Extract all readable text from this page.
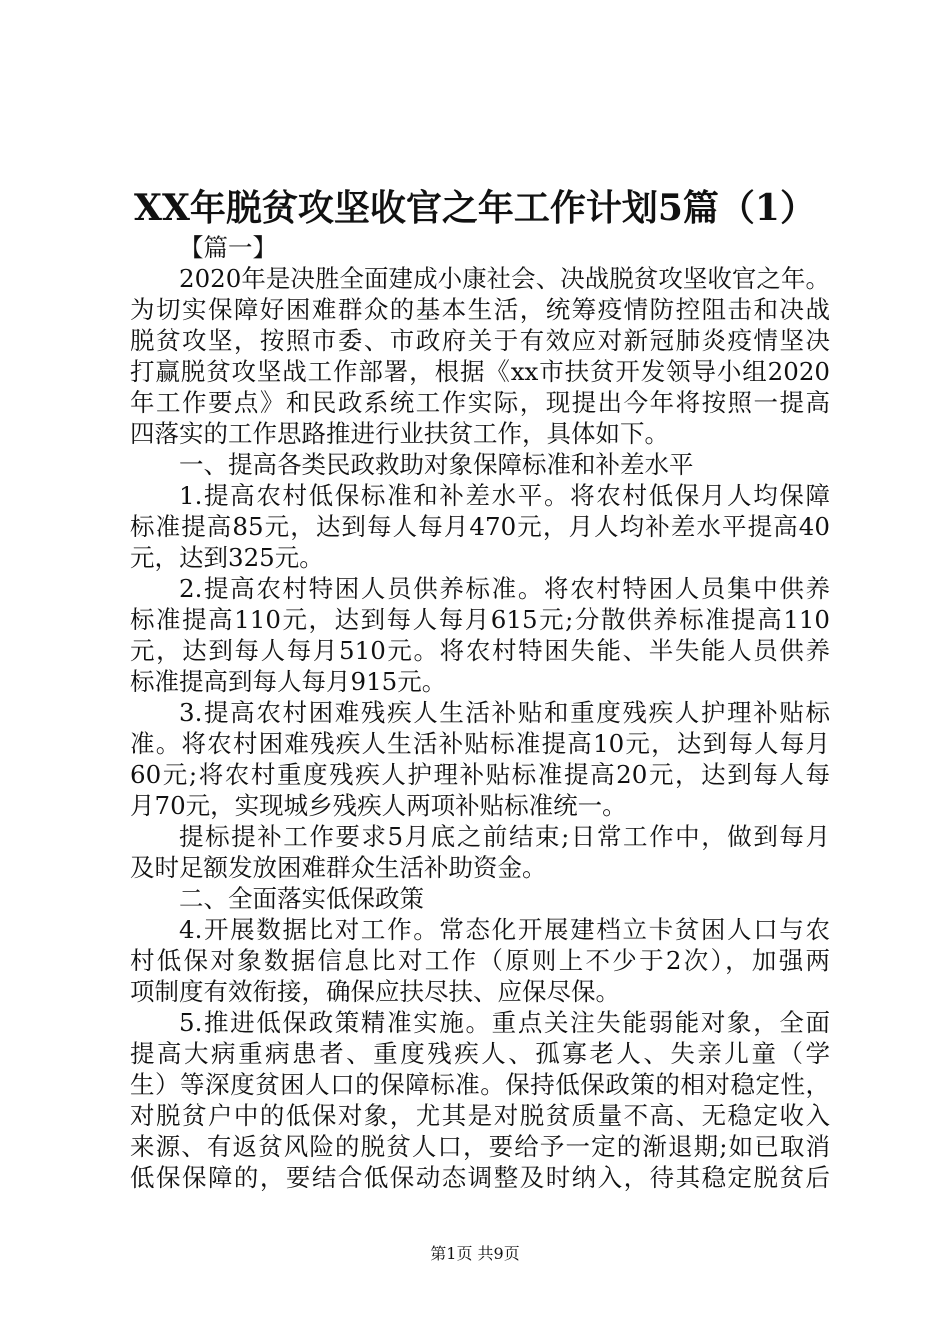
XX年脱贫攻坚收官之年工作计划5篇（1）
【篇一】
2020年是决胜全面建成小康社会、决战脱贫攻坚收官之年。
为切实保障好困难群众的基本生活，统筹疫情防控阻击和决战
脱贫攻坚，按照市委、市政府关于有效应对新冠肺炎疫情坚决
打赢脱贫攻坚战工作部署，根据《xx市扶贫开发领导小组2020
年工作要点》和民政系统工作实际，现提出今年将按照一提高
四落实的工作思路推进行业扶贫工作，具体如下。
一、提高各类民政救助对象保障标准和补差水平
1.提高农村低保标准和补差水平。将农村低保月人均保障
标准提高85元，达到每人每月470元，月人均补差水平提高40
元，达到325元。
2.提高农村特困人员供养标准。将农村特困人员集中供养
标准提高110元，达到每人每月615元;分散供养标准提高110
元，达到每人每月510元。将农村特困失能、半失能人员供养
标准提高到每人每月915元。
3.提高农村困难残疾人生活补贴和重度残疾人护理补贴标
准。将农村困难残疾人生活补贴标准提高10元，达到每人每月
60元;将农村重度残疾人护理补贴标准提高20元，达到每人每
月70元，实现城乡残疾人两项补贴标准统一。
提标提补工作要求5月底之前结束;日常工作中，做到每月
及时足额发放困难群众生活补助资金。
二、全面落实低保政策
4.开展数据比对工作。常态化开展建档立卡贫困人口与农
村低保对象数据信息比对工作（原则上不少于2次），加强两
项制度有效衔接，确保应扶尽扶、应保尽保。
5.推进低保政策精准实施。重点关注失能弱能对象，全面
提高大病重病患者、重度残疾人、孤寡老人、失亲儿童（学
生）等深度贫困人口的保障标准。保持低保政策的相对稳定性，
对脱贫户中的低保对象，尤其是对脱贫质量不高、无稳定收入
来源、有返贫风险的脱贫人口，要给予一定的渐退期;如已取消
低保保障的，要结合低保动态调整及时纳入，待其稳定脱贫后
第1页 共9页
